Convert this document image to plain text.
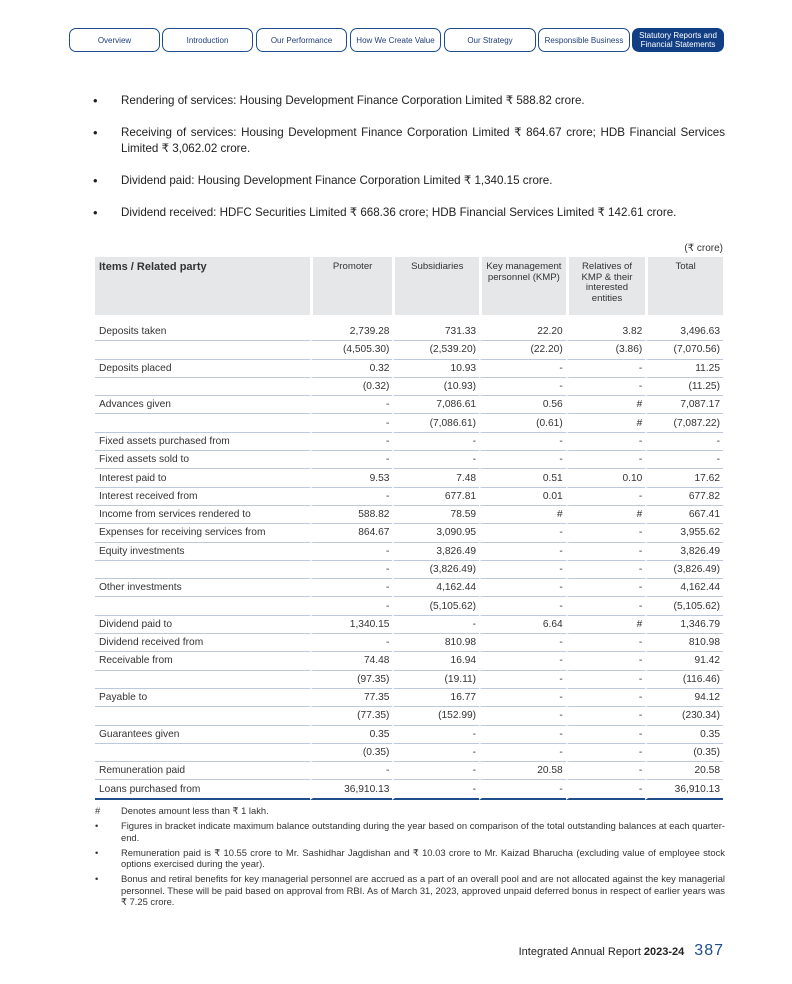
Overview	Introduction	Our Performance	How We Create Value	Our Strategy	Responsible Business	Statutory Reports and
Financial Statements
• Rendering of services: Housing Development Finance Corporation Limited ₹ 588.82 crore.
• Receiving of services: Housing Development Finance Corporation Limited ₹ 864.67 crore; HDB Financial Services Limited ₹ 3,062.02 crore.
• Dividend paid: Housing Development Finance Corporation Limited ₹ 1,340.15 crore.
• Dividend received: HDFC Securities Limited ₹ 668.36 crore; HDB Financial Services Limited ₹ 142.61 crore.
(₹ crore)
Items / Related party	Promoter	Subsidiaries	Key management personnel (KMP)	Relatives of KMP & their interested entities	Total

Deposits taken	2,739.28	731.33	22.20	3.82	3,496.63
	(4,505.30)	(2,539.20)	(22.20)	(3.86)	(7,070.56)
Deposits placed	0.32	10.93	-	-	11.25
	(0.32)	(10.93)	-	-	(11.25)
Advances given	-	7,086.61	0.56	#	7,087.17
	-	(7,086.61)	(0.61)	#	(7,087.22)
Fixed assets purchased from	-	-	-	-	-
Fixed assets sold to	-	-	-	-	-
Interest paid to	9.53	7.48	0.51	0.10	17.62
Interest received from	-	677.81	0.01	-	677.82
Income from services rendered to	588.82	78.59	#	#	667.41
Expenses for receiving services from	864.67	3,090.95	-	-	3,955.62
Equity investments	-	3,826.49	-	-	3,826.49
	-	(3,826.49)	-	-	(3,826.49)
Other investments	-	4,162.44	-	-	4,162.44
	-	(5,105.62)	-	-	(5,105.62)
Dividend paid to	1,340.15	-	6.64	#	1,346.79
Dividend received from	-	810.98	-	-	810.98
Receivable from	74.48	16.94	-	-	91.42
	(97.35)	(19.11)	-	-	(116.46)
Payable to	77.35	16.77	-	-	94.12
	(77.35)	(152.99)	-	-	(230.34)
Guarantees given	0.35	-	-	-	0.35
	(0.35)	-	-	-	(0.35)
Remuneration paid	-	-	20.58	-	20.58
Loans purchased from	36,910.13	-	-	-	36,910.13
# Denotes amount less than ₹ 1 lakh.
• Figures in bracket indicate maximum balance outstanding during the year based on comparison of the total outstanding balances at each quarter-end.
• Remuneration paid is ₹ 10.55 crore to Mr. Sashidhar Jagdishan and ₹ 10.03 crore to Mr. Kaizad Bharucha (excluding value of employee stock options exercised during the year).
• Bonus and retiral benefits for key managerial personnel are accrued as a part of an overall pool and are not allocated against the key managerial personnel. These will be paid based on approval from RBI. As of March 31, 2023, approved unpaid deferred bonus in respect of earlier years was ₹ 7.25 crore.
Integrated Annual Report 2023-24 387
